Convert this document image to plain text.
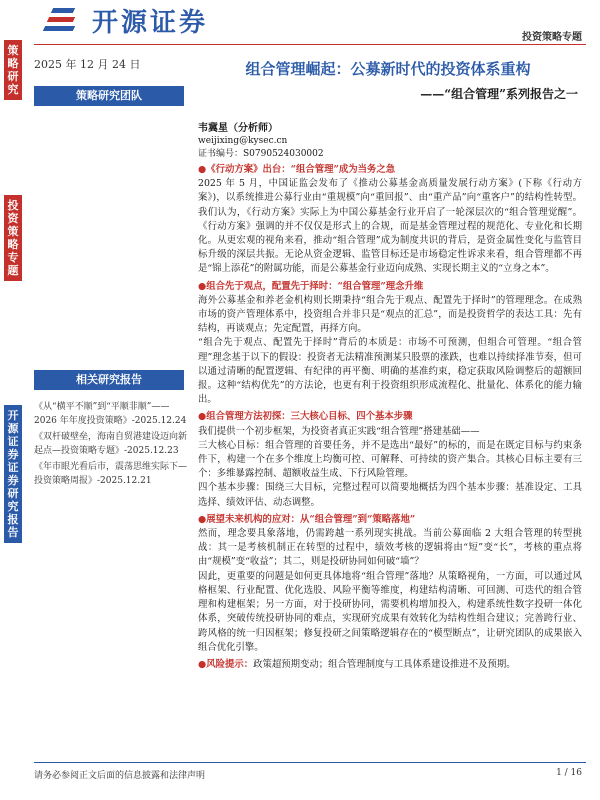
开源证券	投资策略专题
策略研究
投资策略专题
开源证券 证券研究报告
2025 年 12 月 24 日
策略研究团队
相关研究报告
《从“横平不顺”到“平顺非顺”——2026 年年度投资策略》-2025.12.24
《双杆破壁垒，海南自贸港建设迈向新起点—投资策略专题》-2025.12.23
《年市眼光看后市，震荡思维实际下—投资策略周报》-2025.12.21
组合管理崛起：公募新时代的投资体系重构
——“组合管理”系列报告之一
韦冀星（分析师）
weijixing@kysec.cn
证书编号：S0790524030002

● 《行动方案》出台：“组合管理”成为当务之急

2025 年 5 月，中国证监会发布了《推动公募基金高质量发展行动方案》(下称《行动方案》)，以系统推进公募行业由“重规模”向“重回报”、由“重产品”向“重客户”的结构性转型。我们认为，《行动方案》实际上为中国公募基金行业开启了一轮深层次的“组合管理觉醒”。《行动方案》强调的并不仅仅是形式上的合规，而是基金管理过程的规范化、专业化和长期化。从更宏观的视角来看，推动“组合管理”成为制度共识的背后，是资金属性变化与监管目标升级的深层共振。无论从资金逻辑、监管目标还是市场稳定性诉求来看，组合管理都不再是“锦上添花”的附属功能，而是公募基金行业迈向成熟、实现长期主义的“立身之本”。

● 组合先于观点，配置先于择时：“组合管理”理念升维

海外公募基金和养老金机构则长期秉持“组合先于观点、配置先于择时”的管理理念。在成熟市场的资产管理体系中，投资组合并非只是“观点的汇总”，而是投资哲学的表达工具：先有结构，再谈观点；先定配置，再择方向。

“组合先于观点、配置先于择时”背后的本质是：市场不可预测，但组合可管理。“组合管理”理念基于以下的假设：投资者无法精准预测某只股票的涨跌，也难以持续择准节奏，但可以通过清晰的配置逻辑、有纪律的再平衡、明确的基准约束，稳定获取风险调整后的超额回报。这种“结构优先”的方法论，也更有利于投资组织形成流程化、批量化、体系化的能力输出。

● 组合管理方法初探：三大核心目标、四个基本步骤

我们提供一个初步框架，为投资者真正实践“组合管理”搭建基础——

三大核心目标：组合管理的首要任务，并不是选出“最好”的标的，而是在既定目标与约束条件下，构建一个在多个维度上均衡可控、可解释、可持续的资产集合。其核心目标主要有三个：多维暴露控制、超额收益生成、下行风险管理。

四个基本步骤：围绕三大目标，完整过程可以简要地概括为四个基本步骤：基准设定、工具选择、绩效评估、动态调整。

● 展望未来机构的应对：从“组合管理”到“策略落地”

然而，理念要具象落地，仍需跨越一系列现实挑战。当前公募面临 2 大组合管理的转型挑战：其一是考核机制正在转型的过程中，绩效考核的逻辑将由“短”变“长”，考核的重点将由“规模”变“收益”；其二，则是投研协同如何破“墙”？

因此，更重要的问题是如何更具体地将“组合管理”落地？从策略视角，一方面，可以通过风格框架、行业配置、优化选股、风险平衡等维度，构建结构清晰、可回测、可迭代的组合管理和构建框架；另一方面，对于投研协同，需要机构增加投入，构建系统性数字投研一体化体系，突破传统投研协同的难点，实现研究成果有效转化为结构性组合建议；完善跨行业、跨风格的统一归因框架；修复投研之间策略逻辑存在的“模型断点”，让研究团队的成果嵌入组合优化引擎。

● 风险提示：政策超预期变动；组合管理制度与工具体系建设推进不及预期。

请务必参阅正文后面的信息披露和法律声明	1 / 16
